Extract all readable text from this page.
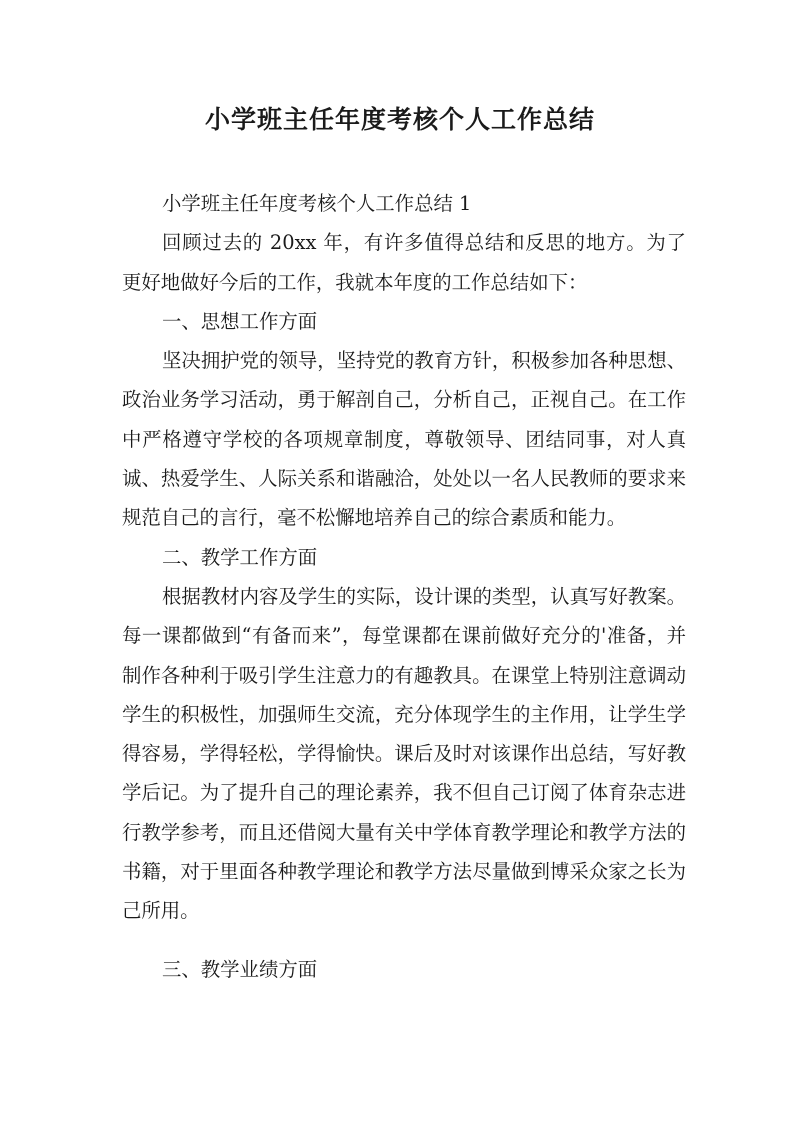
小学班主任年度考核个人工作总结

小学班主任年度考核个人工作总结 1

回顾过去的 20xx 年，有许多值得总结和反思的地方。为了更好地做好今后的工作，我就本年度的工作总结如下：

一、思想工作方面

坚决拥护党的领导，坚持党的教育方针，积极参加各种思想、政治业务学习活动，勇于解剖自己，分析自己，正视自己。在工作中严格遵守学校的各项规章制度，尊敬领导、团结同事，对人真诚、热爱学生、人际关系和谐融洽，处处以一名人民教师的要求来规范自己的言行，毫不松懈地培养自己的综合素质和能力。

二、教学工作方面

根据教材内容及学生的实际，设计课的类型，认真写好教案。每一课都做到“有备而来”，每堂课都在课前做好充分的'准备，并制作各种利于吸引学生注意力的有趣教具。在课堂上特别注意调动学生的积极性，加强师生交流，充分体现学生的主作用，让学生学得容易，学得轻松，学得愉快。课后及时对该课作出总结，写好教学后记。为了提升自己的理论素养，我不但自己订阅了体育杂志进行教学参考，而且还借阅大量有关中学体育教学理论和教学方法的书籍，对于里面各种教学理论和教学方法尽量做到博采众家之长为己所用。

三、教学业绩方面
